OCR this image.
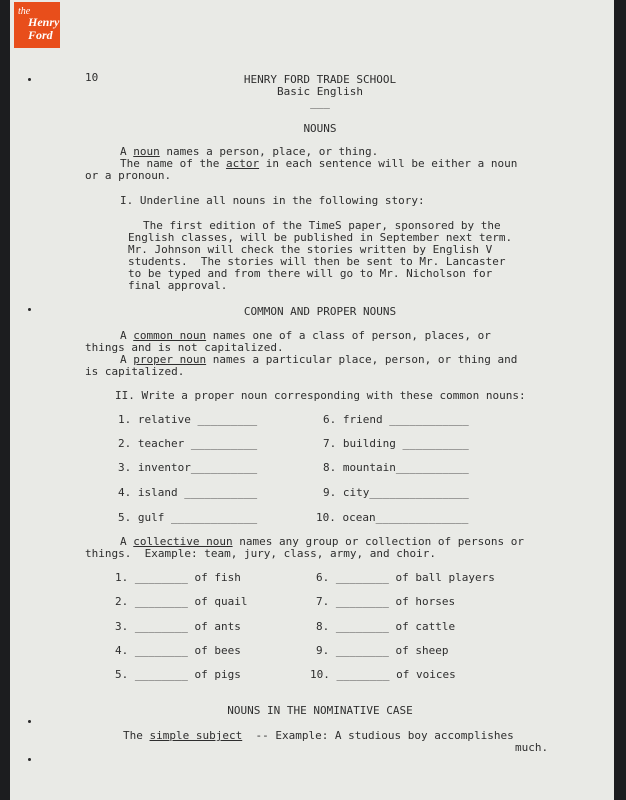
the
Henry
Ford
10	HENRY FORD TRADE SCHOOL
Basic English
___
NOUNS
A noun names a person, place, or thing.
The name of the actor in each sentence will be either a noun
or a pronoun.
I. Underline all nouns in the following story:
The first edition of the TimeS paper, sponsored by the
English classes, will be published in September next term.
Mr. Johnson will check the stories written by English V
students.  The stories will then be sent to Mr. Lancaster
to be typed and from there will go to Mr. Nicholson for
final approval.
COMMON AND PROPER NOUNS
A common noun names one of a class of person, places, or
things and is not capitalized.
A proper noun names a particular place, person, or thing and
is capitalized.
II. Write a proper noun corresponding with these common nouns:
1. relative _________
2. teacher __________
3. inventor__________
4. island ___________
5. gulf _____________
6. friend ____________
7. building __________
8. mountain___________
9. city_______________
10. ocean______________
A collective noun names any group or collection of persons or
things.  Example: team, jury, class, army, and choir.
1. ________ of fish
2. ________ of quail
3. ________ of ants
4. ________ of bees
5. ________ of pigs
6. ________ of ball players
7. ________ of horses
8. ________ of cattle
9. ________ of sheep
10. ________ of voices
NOUNS IN THE NOMINATIVE CASE
The simple subject  -- Example: A studious boy accomplishes
much.
